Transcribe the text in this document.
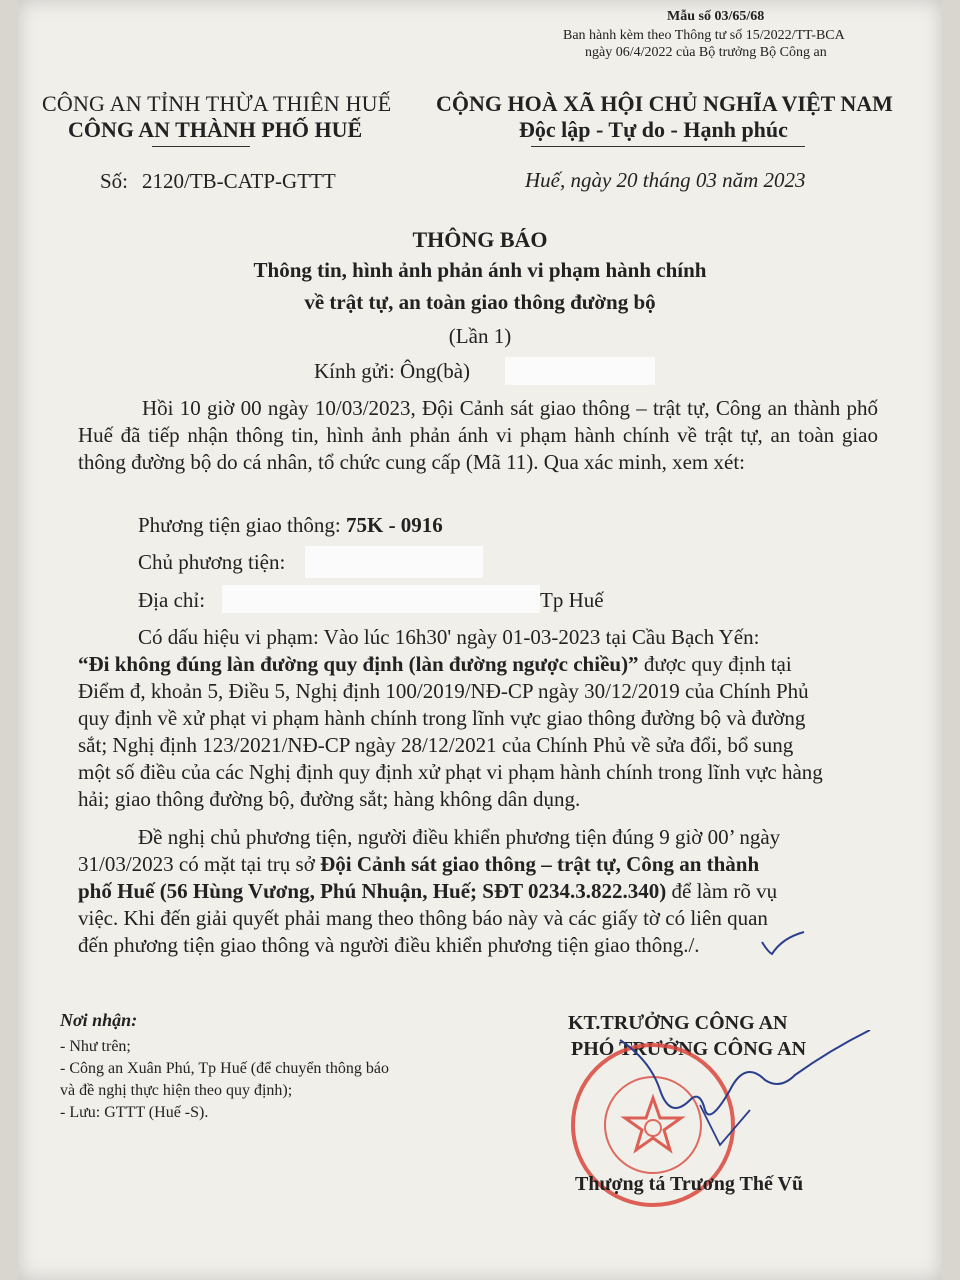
Mẫu số 03/65/68
Ban hành kèm theo Thông tư số 15/2022/TT-BCA
ngày 06/4/2022 của Bộ trưởng Bộ Công an
CÔNG AN TỈNH THỪA THIÊN HUẾ
CÔNG AN THÀNH PHỐ HUẾ
CỘNG HOÀ XÃ HỘI CHỦ NGHĨA VIỆT NAM
Độc lập - Tự do - Hạnh phúc
Số: 2120/TB-CATP-GTTT	Huế, ngày 20 tháng 03 năm 2023
THÔNG BÁO
Thông tin, hình ảnh phản ánh vi phạm hành chính
về trật tự, an toàn giao thông đường bộ
(Lần 1)
Kính gửi: Ông(bà)
Hồi 10 giờ 00 ngày 10/03/2023, Đội Cảnh sát giao thông – trật tự, Công an thành phố Huế đã tiếp nhận thông tin, hình ảnh phản ánh vi phạm hành chính về trật tự, an toàn giao thông đường bộ do cá nhân, tổ chức cung cấp (Mã 11). Qua xác minh, xem xét:
Phương tiện giao thông: 75K - 0916
Chủ phương tiện:
Địa chỉ:	Tp Huế
Có dấu hiệu vi phạm: Vào lúc 16h30' ngày 01-03-2023 tại Cầu Bạch Yến:
“Đi không đúng làn đường quy định (làn đường ngược chiều)” được quy định tại
Điểm đ, khoản 5, Điều 5, Nghị định 100/2019/NĐ-CP ngày 30/12/2019 của Chính Phủ
quy định về xử phạt vi phạm hành chính trong lĩnh vực giao thông đường bộ và đường
sắt; Nghị định 123/2021/NĐ-CP ngày 28/12/2021 của Chính Phủ về sửa đổi, bổ sung
một số điều của các Nghị định quy định xử phạt vi phạm hành chính trong lĩnh vực hàng
hải; giao thông đường bộ, đường sắt; hàng không dân dụng.
Đề nghị chủ phương tiện, người điều khiển phương tiện đúng 9 giờ 00’ ngày
31/03/2023 có mặt tại trụ sở Đội Cảnh sát giao thông – trật tự, Công an thành
phố Huế (56 Hùng Vương, Phú Nhuận, Huế; SĐT 0234.3.822.340) để làm rõ vụ
việc. Khi đến giải quyết phải mang theo thông báo này và các giấy tờ có liên quan
đến phương tiện giao thông và người điều khiển phương tiện giao thông./.
Nơi nhận:
- Như trên;
- Công an Xuân Phú, Tp Huế (để chuyển thông báo
và đề nghị thực hiện theo quy định);
- Lưu: GTTT (Huế -S).
KT.TRƯỞNG CÔNG AN
PHÓ TRƯỞNG CÔNG AN
Thượng tá Trương Thế Vũ
